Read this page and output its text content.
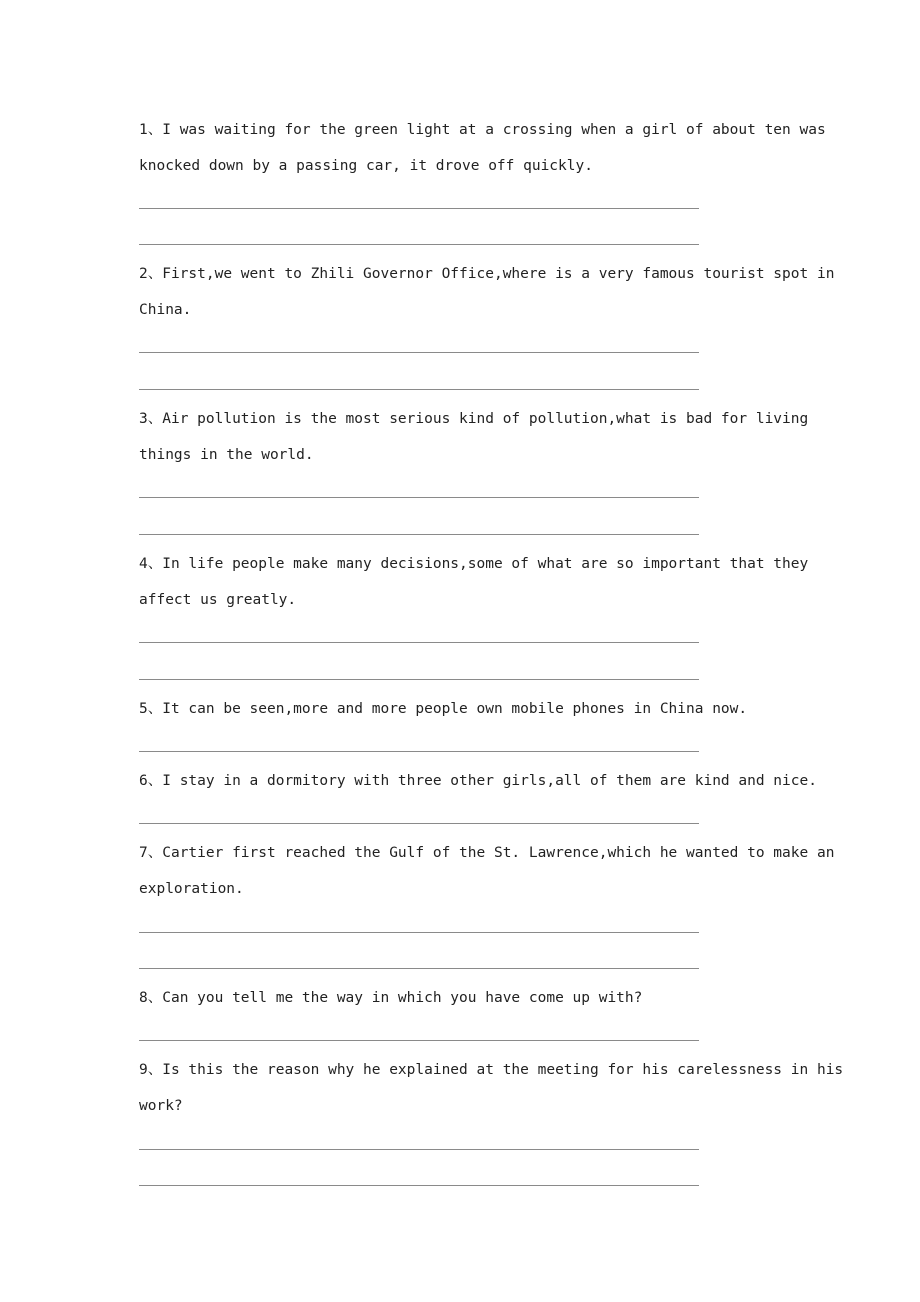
1、I was waiting for the green light at a crossing when a girl of about ten was knocked down by a passing car, it drove off quickly.
2、First,we went to Zhili Governor Office,where is a very famous tourist spot in China.
3、Air pollution is the most serious kind of pollution,what is bad for living things in the world.
4、In life people make many decisions,some of what are so important that they affect us greatly.
5、It can be seen,more and more people own mobile phones in China now.
6、I stay in a dormitory with three other girls,all of them are kind and nice.
7、Cartier first reached the Gulf of the St. Lawrence,which he wanted to make an exploration.
8、Can you tell me the way in which you have come up with?
9、Is this the reason why he explained at the meeting for his carelessness in his work?
